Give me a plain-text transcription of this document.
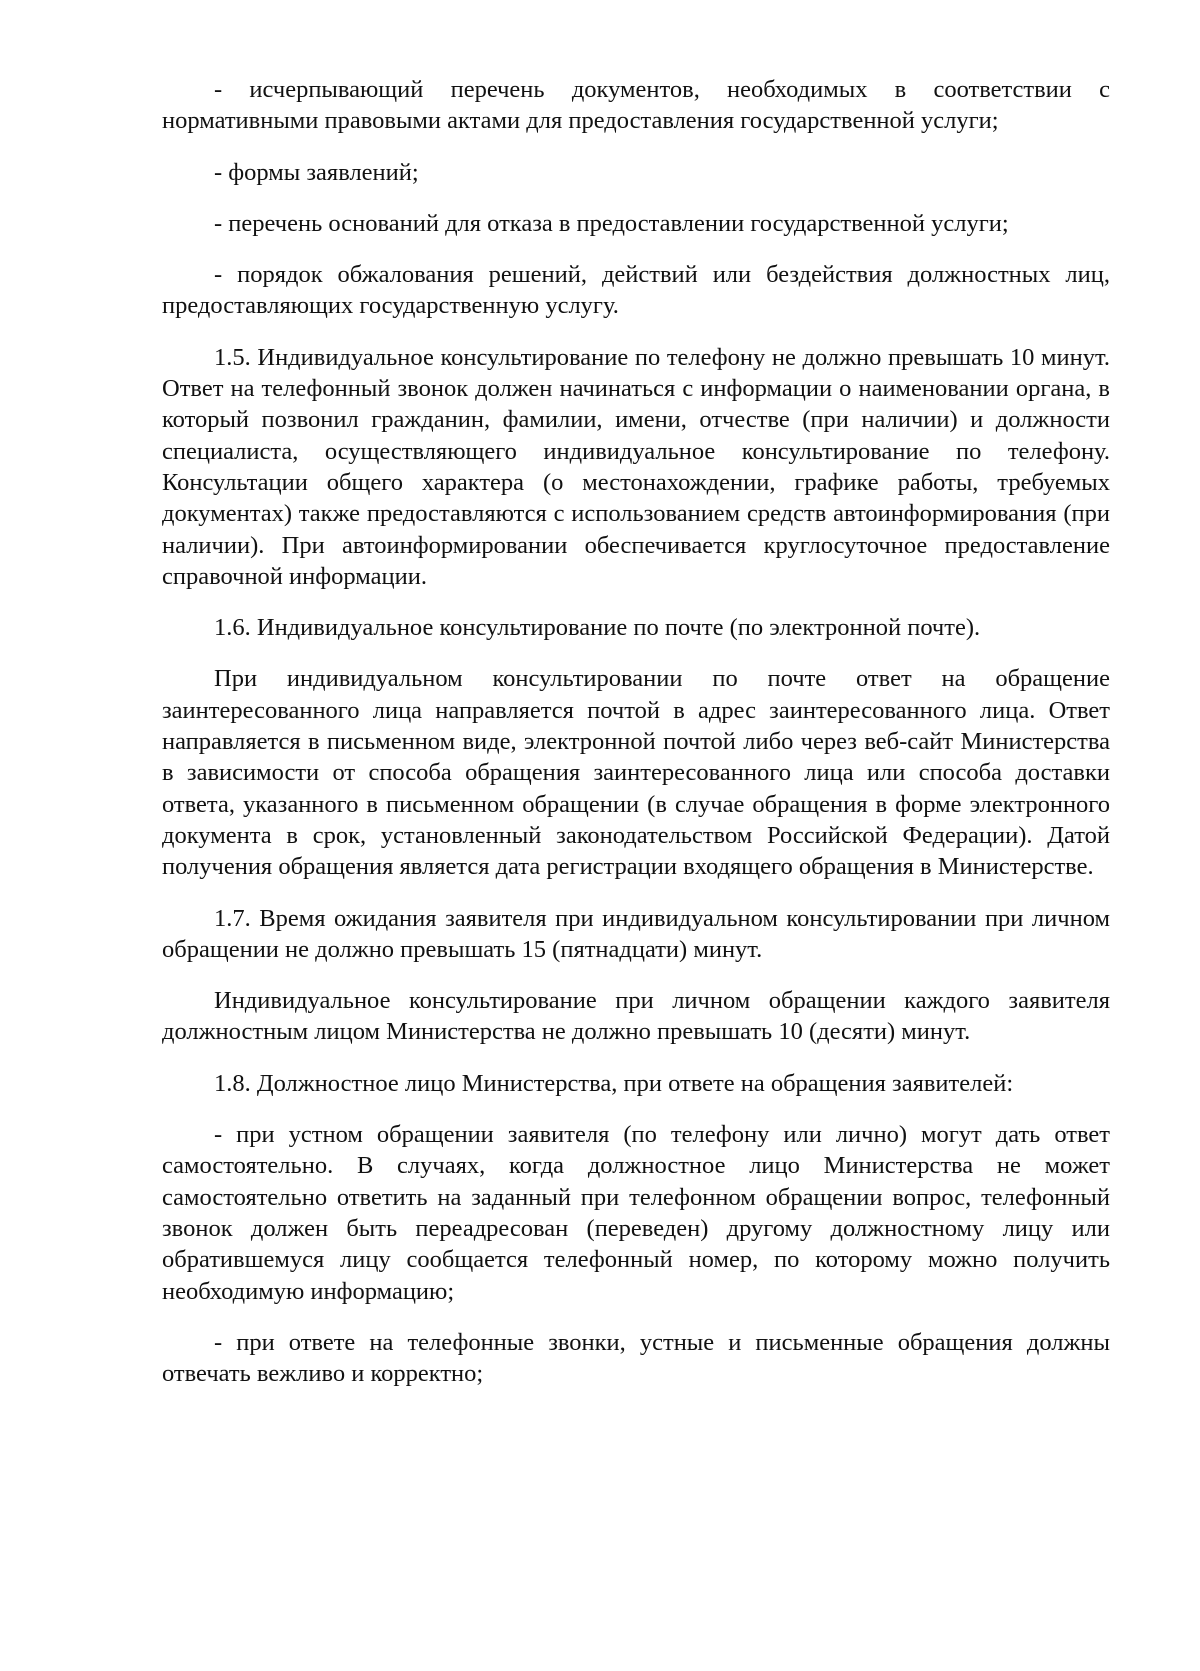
- исчерпывающий перечень документов, необходимых в соответствии с нормативными правовыми актами для предоставления государственной услуги;

- формы заявлений;

- перечень оснований для отказа в предоставлении государственной услуги;

- порядок обжалования решений, действий или бездействия должностных лиц, предоставляющих государственную услугу.

1.5. Индивидуальное консультирование по телефону не должно превышать 10 минут. Ответ на телефонный звонок должен начинаться с информации о наименовании органа, в который позвонил гражданин, фамилии, имени, отчестве (при наличии) и должности специалиста, осуществляющего индивидуальное консультирование по телефону. Консультации общего характера (о местонахождении, графике работы, требуемых документах) также предоставляются с использованием средств автоинформирования (при наличии). При автоинформировании обеспечивается круглосуточное предоставление справочной информации.

1.6. Индивидуальное консультирование по почте (по электронной почте).

При индивидуальном консультировании по почте ответ на обращение заинтересованного лица направляется почтой в адрес заинтересованного лица. Ответ направляется в письменном виде, электронной почтой либо через веб-сайт Министерства в зависимости от способа обращения заинтересованного лица или способа доставки ответа, указанного в письменном обращении (в случае обращения в форме электронного документа в срок, установленный законодательством Российской Федерации). Датой получения обращения является дата регистрации входящего обращения в Министерстве.

1.7. Время ожидания заявителя при индивидуальном консультировании при личном обращении не должно превышать 15 (пятнадцати) минут.

Индивидуальное консультирование при личном обращении каждого заявителя должностным лицом Министерства не должно превышать 10 (десяти) минут.

1.8. Должностное лицо Министерства, при ответе на обращения заявителей:

- при устном обращении заявителя (по телефону или лично) могут дать ответ самостоятельно. В случаях, когда должностное лицо Министерства не может самостоятельно ответить на заданный при телефонном обращении вопрос, телефонный звонок должен быть переадресован (переведен) другому должностному лицу или обратившемуся лицу сообщается телефонный номер, по которому можно получить необходимую информацию;

- при ответе на телефонные звонки, устные и письменные обращения должны отвечать вежливо и корректно;
